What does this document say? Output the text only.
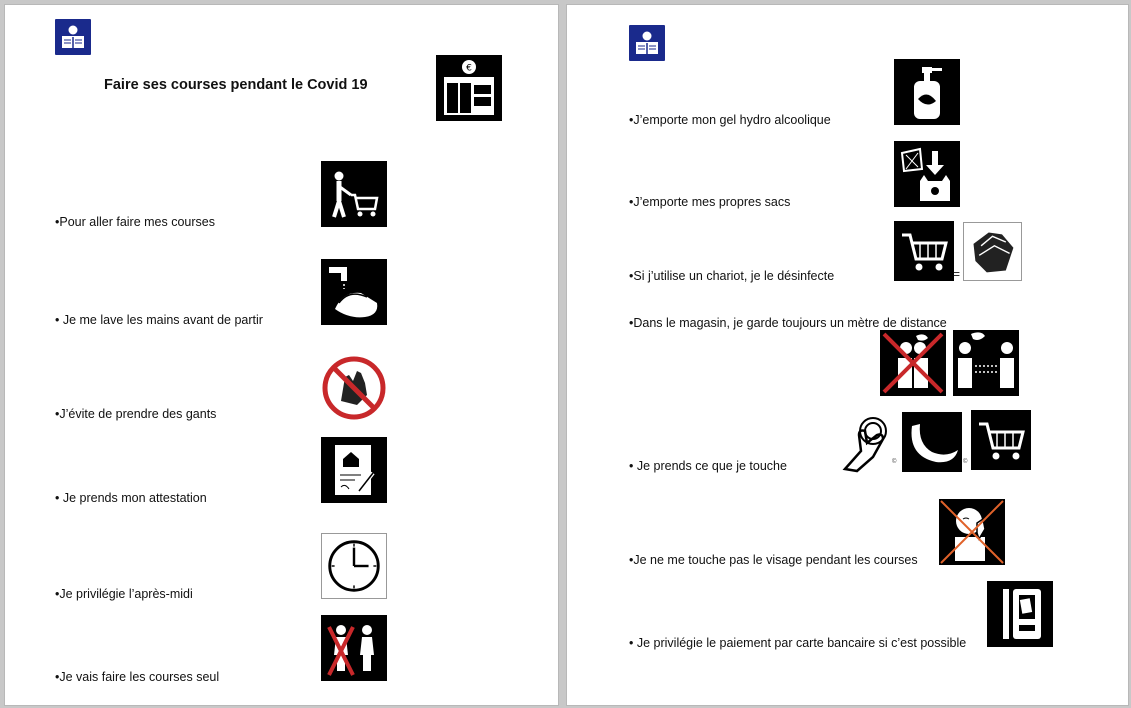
Faire ses courses pendant le Covid 19
€
•Pour aller faire mes courses
• Je me lave les mains avant de partir
•J’évite de prendre des gants
• Je prends mon attestation
•Je privilégie l’après-midi
•Je vais faire les courses seul
•J’emporte mon gel hydro alcoolique
•J’emporte mes propres sacs
•Si j’utilise un chariot, je le désinfecte	=
•Dans le magasin, je garde toujours un mètre de distance
• Je prends ce que je touche	©	©
•Je ne me touche pas le visage pendant les courses
• Je privilégie le paiement par carte bancaire si c’est possible
